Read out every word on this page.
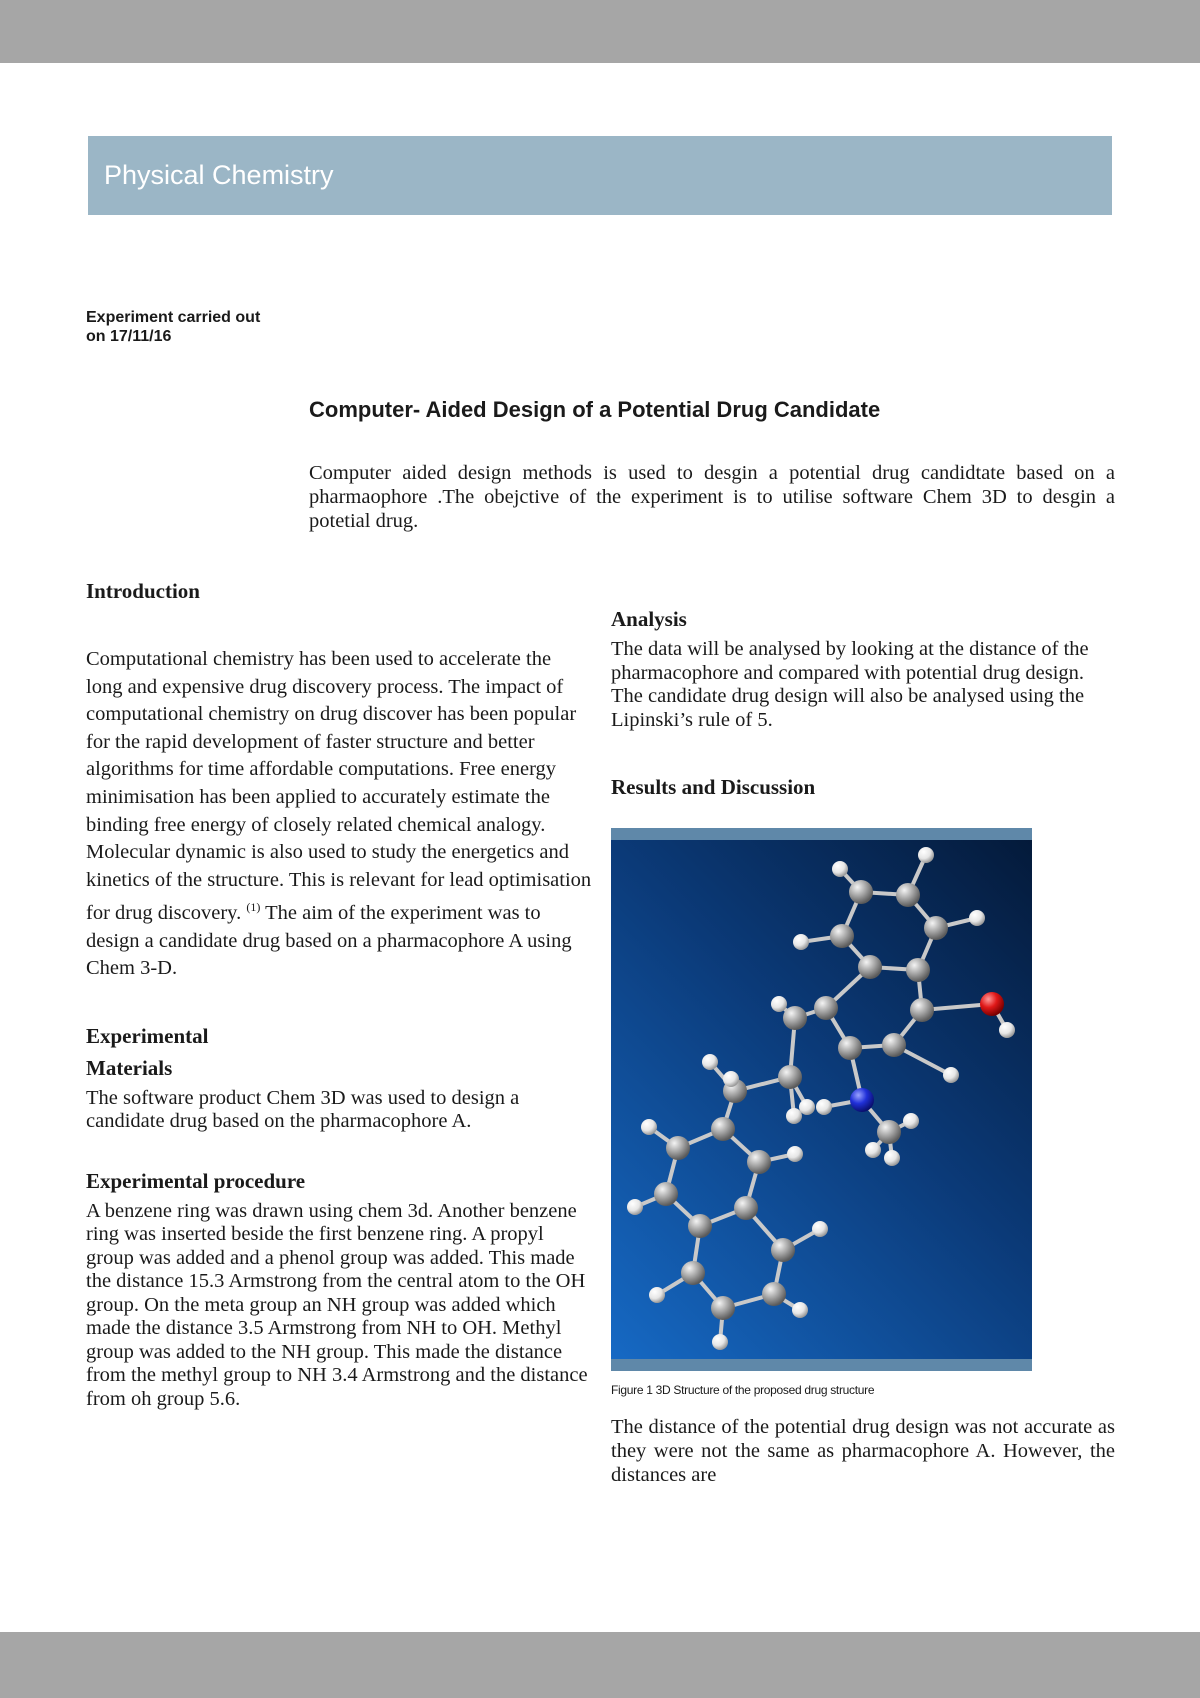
Physical Chemistry
Experiment carried out
on 17/11/16
Computer- Aided Design of a Potential Drug Candidate

Computer aided design methods is used to desgin a potential drug candidtate based on a pharmaophore .The obejctive of the experiment is to utilise software Chem 3D to desgin a potetial drug.

Introduction

Computational chemistry has been used to accelerate the long and expensive drug discovery process. The impact of computational chemistry on drug discover has been popular for the rapid development of faster structure and better algorithms for time affordable computations. Free energy minimisation has been applied to accurately estimate the binding free energy of closely related chemical analogy. Molecular dynamic is also used to study the energetics and kinetics of the structure. This is relevant for lead optimisation for drug discovery. $^{(1)}$ The aim of the experiment was to design a candidate drug based on a pharmacophore A using Chem 3-D.

Experimental
Materials

The software product Chem 3D was used to design a candidate drug based on the pharmacophore A.

Experimental procedure

A benzene ring was drawn using chem 3d. Another benzene ring was inserted beside the first benzene ring. A propyl group was added and a phenol group was added. This made the distance 15.3 Armstrong from the central atom to the OH group. On the meta group an NH group was added which made the distance 3.5 Armstrong from NH to OH. Methyl group was added to the NH group. This made the distance from the methyl group to NH 3.4 Armstrong and the distance from oh group 5.6.

Analysis

The data will be analysed by looking at the distance of the pharmacophore and compared with potential drug design. The candidate drug design will also be analysed using the Lipinski’s rule of 5.

Results and Discussion

Figure 1 3D Structure of the proposed drug structure

The distance of the potential drug design was not accurate as they were not the same as pharmacophore A. However, the distances are
